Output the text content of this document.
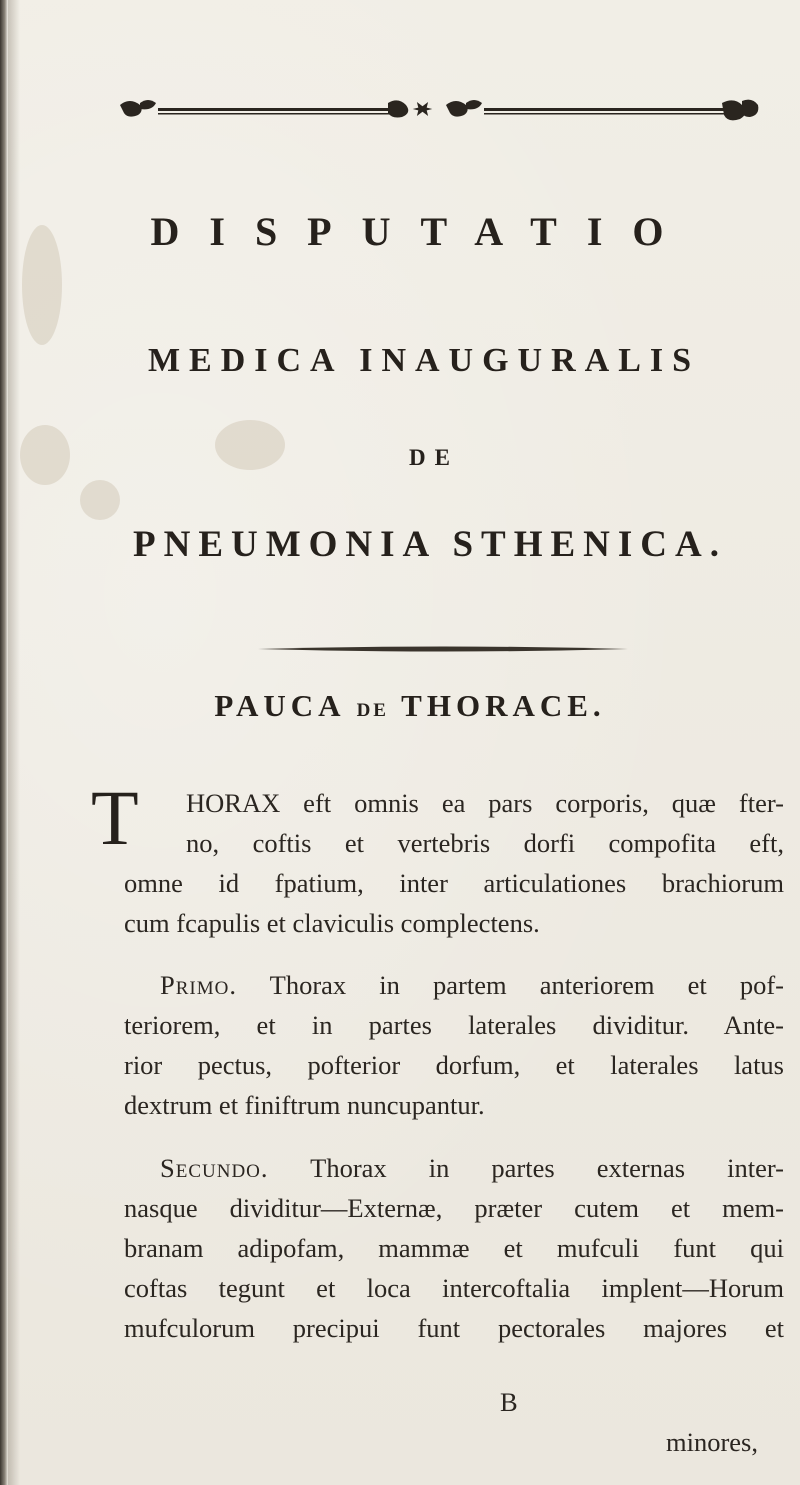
DISPUTATIO
MEDICA INAUGURALIS
DE
PNEUMONIA STHENICA.
PAUCA DE THORACE.
T	HORAX eft omnis ea pars corporis, quæ fter-
no, coftis et vertebris dorfi compofita eft,
omne id fpatium, inter articulationes brachiorum
cum fcapulis et claviculis complectens.
Primo. Thorax in partem anteriorem et pof-
teriorem, et in partes laterales dividitur. Ante-
rior pectus, pofterior dorfum, et laterales latus
dextrum et finiftrum nuncupantur.
Secundo. Thorax in partes externas inter-
nasque dividitur—Externæ, præter cutem et mem-
branam adipofam, mammæ et mufculi funt qui
coftas tegunt et loca intercoftalia implent—Horum
mufculorum precipui funt pectorales majores et
B
minores,
